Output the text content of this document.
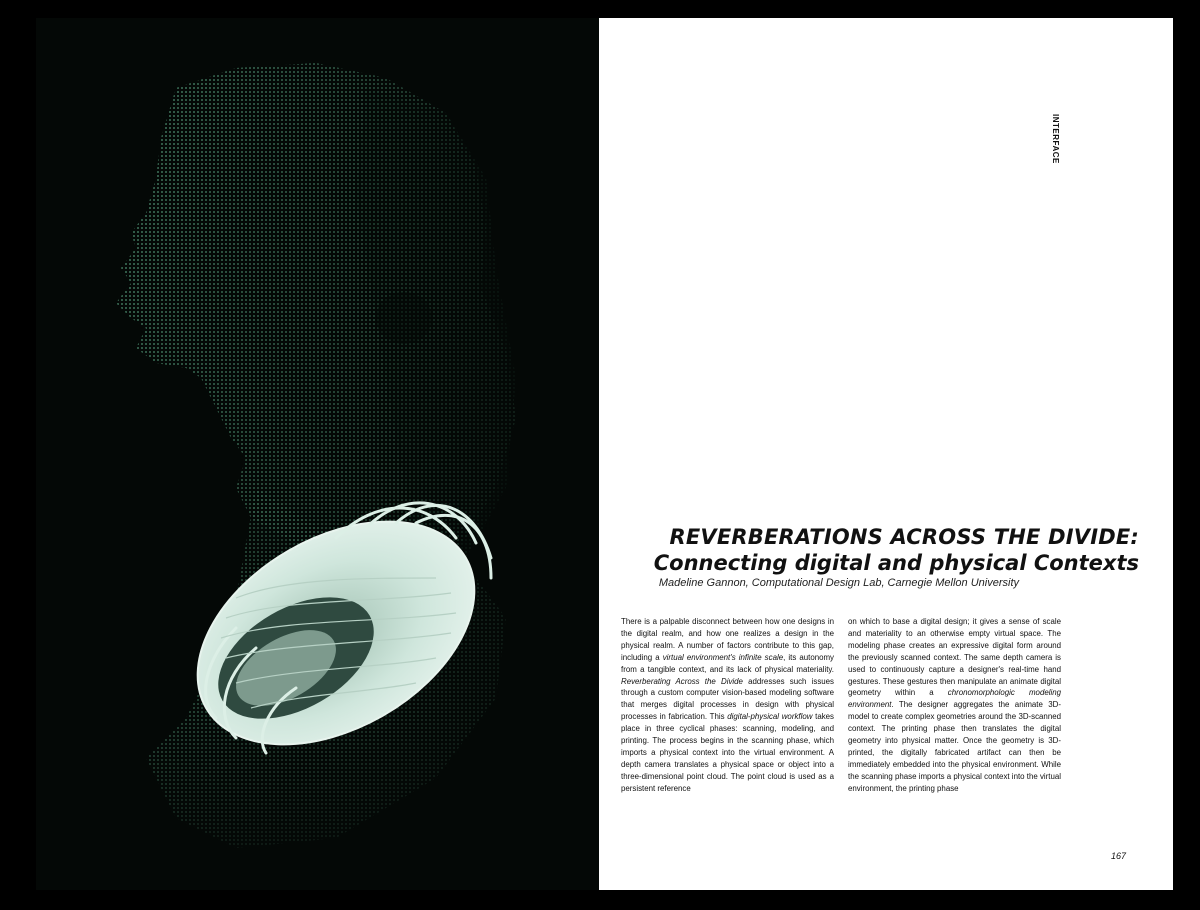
INTERFACE
REVERBERATIONS ACROSS THE DIVIDE:
Connecting digital and physical Contexts
Madeline Gannon, Computational Design Lab, Carnegie Mellon University

There is a palpable disconnect between how one designs in the digital realm, and how one realizes a design in the physical realm. A number of factors contribute to this gap, including a virtual environment's infinite scale, its autonomy from a tangible context, and its lack of physical materiality. Reverberating Across the Divide addresses such issues through a custom computer vision-based modeling software that merges digital processes in design with physical processes in fabrication. This digital-physical workflow takes place in three cyclical phases: scanning, modeling, and printing. The process begins in the scanning phase, which imports a physical context into the virtual environment. A depth camera translates a physical space or object into a three-dimensional point cloud. The point cloud is used as a persistent reference

on which to base a digital design; it gives a sense of scale and materiality to an otherwise empty virtual space. The modeling phase creates an expressive digital form around the previously scanned context. The same depth camera is used to continuously capture a designer's real-time hand gestures. These gestures then manipulate an animate digital geometry within a chronomorphologic modeling environment. The designer aggregates the animate 3D-model to create complex geometries around the 3D-scanned context. The printing phase then translates the digital geometry into physical matter. Once the geometry is 3D-printed, the digitally fabricated artifact can then be immediately embedded into the physical environment. While the scanning phase imports a physical context into the virtual environment, the printing phase

167
